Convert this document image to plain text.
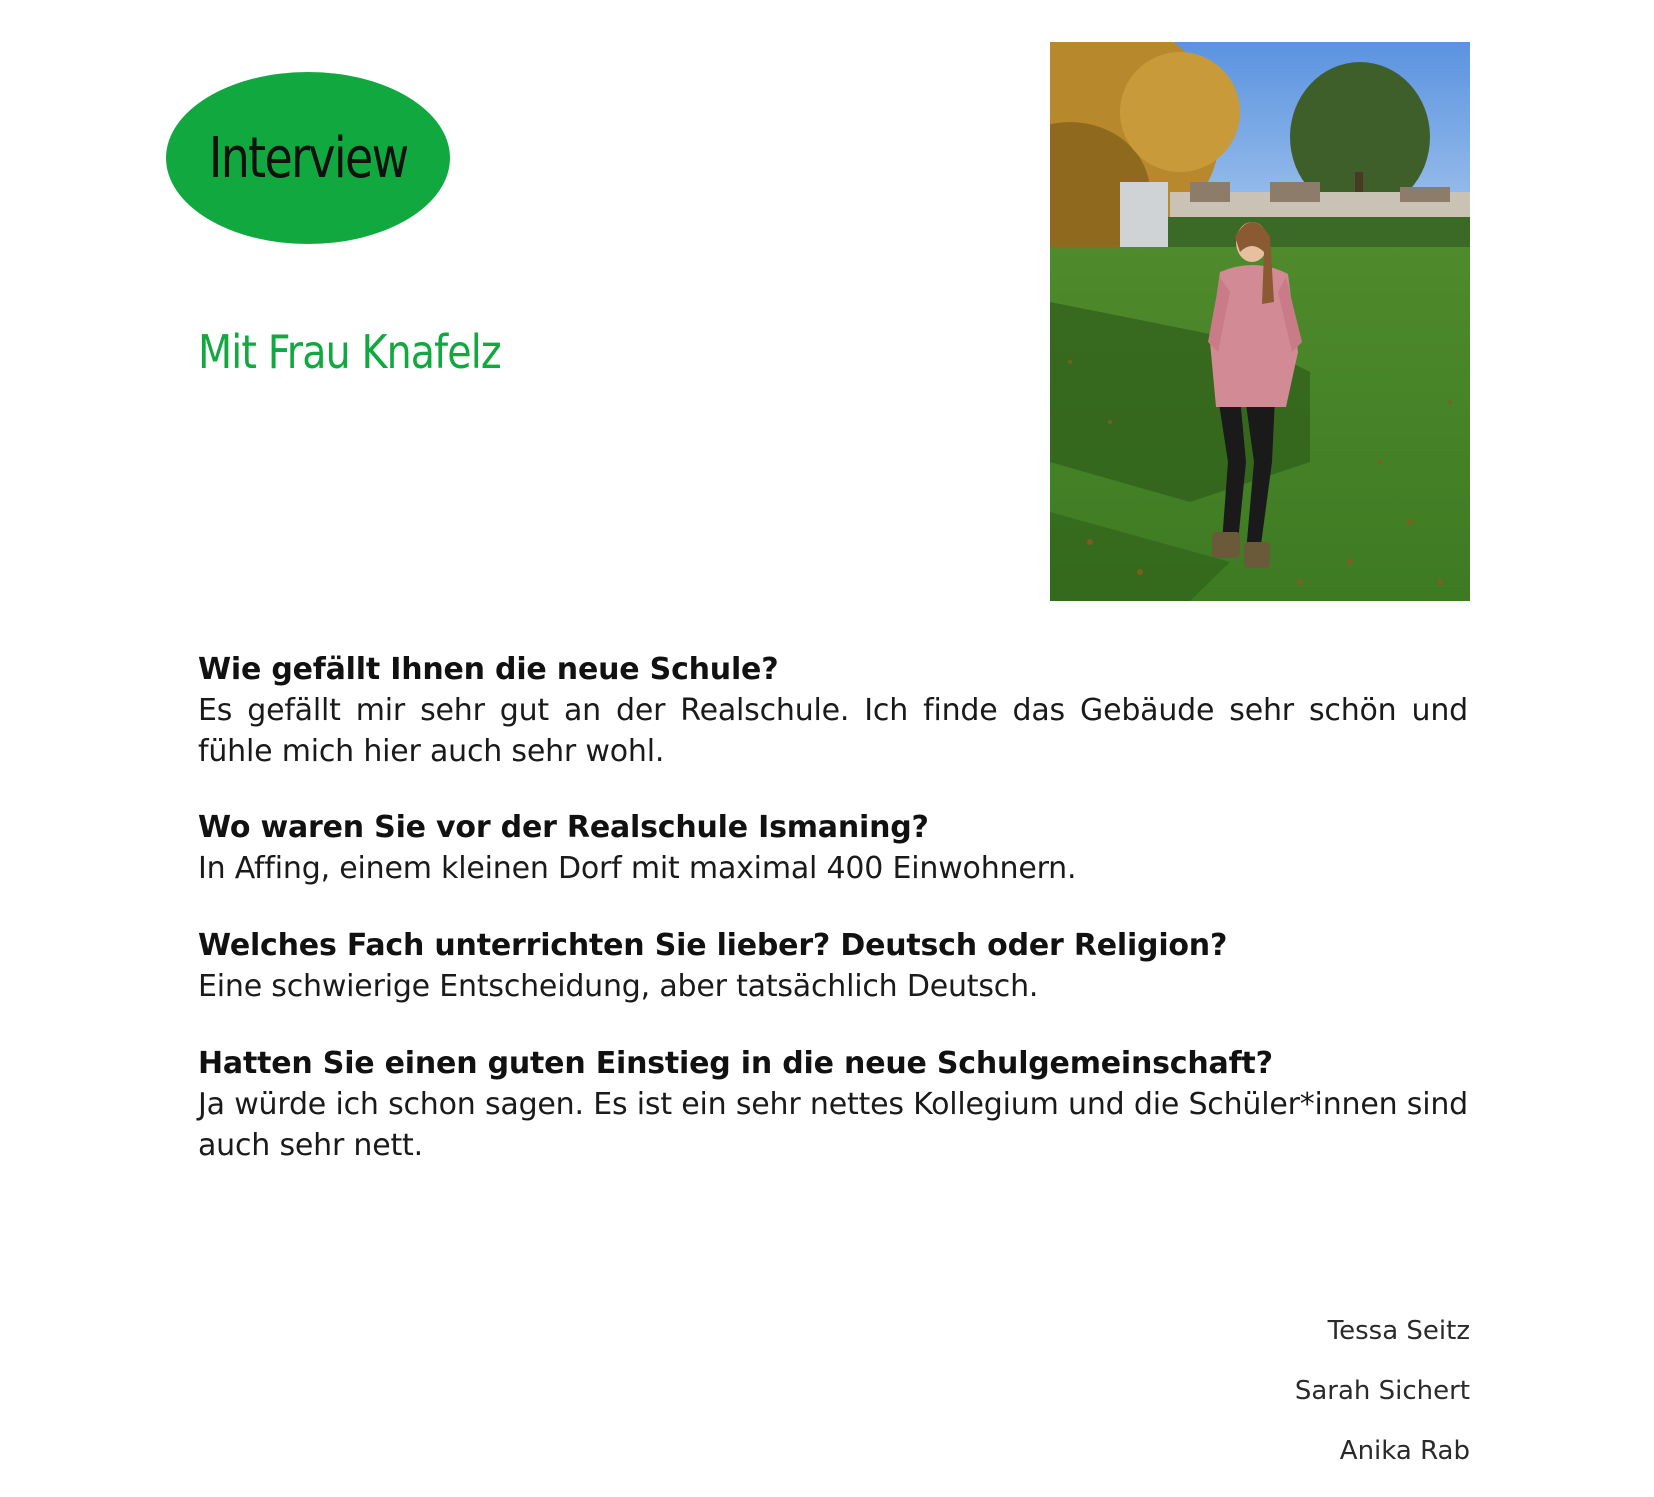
Interview
Mit Frau Knafelz
Wie gefällt Ihnen die neue Schule?
Es gefällt mir sehr gut an der Realschule. Ich finde das Gebäude sehr schön und fühle mich hier auch sehr wohl.
Wo waren Sie vor der Realschule Ismaning?
In Affing, einem kleinen Dorf mit maximal 400 Einwohnern.
Welches Fach unterrichten Sie lieber? Deutsch oder Religion?
Eine schwierige Entscheidung, aber tatsächlich Deutsch.
Hatten Sie einen guten Einstieg in die neue Schulgemeinschaft?
Ja würde ich schon sagen. Es ist ein sehr nettes Kollegium und die Schüler*innen sind auch sehr nett.
Tessa Seitz
Sarah Sichert
Anika Rab
